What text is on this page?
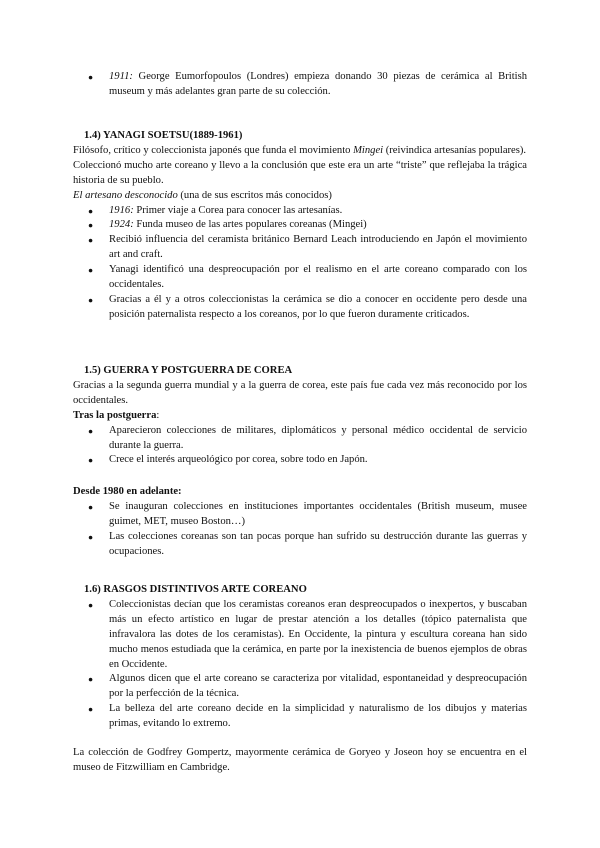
● 1911: George Eumorfopoulos (Londres) empieza donando 30 piezas de cerámica al British museum y más adelantes gran parte de su colección.
1.4) YANAGI SOETSU(1889-1961)
Filósofo, crítico y coleccionista japonés que funda el movimiento Mingei (reivindica artesanías populares).
Coleccionó mucho arte coreano y llevo a la conclusión que este era un arte “triste” que reflejaba la trágica historia de su pueblo.
El artesano desconocido (una de sus escritos más conocidos)
● 1916: Primer viaje a Corea para conocer las artesanías.
● 1924: Funda museo de las artes populares coreanas (Mingei)
● Recibió influencia del ceramista británico Bernard Leach introduciendo en Japón el movimiento art and craft.
● Yanagi identificó una despreocupación por el realismo en el arte coreano comparado con los occidentales.
● Gracias a él y a otros coleccionistas la cerámica se dio a conocer en occidente pero desde una posición paternalista respecto a los coreanos, por lo que fueron duramente criticados.
1.5) GUERRA Y POSTGUERRA DE COREA
Gracias a la segunda guerra mundial y a la guerra de corea, este país fue cada vez más reconocido por los occidentales.
Tras la postguerra:
● Aparecieron colecciones de militares, diplomáticos y personal médico occidental de servicio durante la guerra.
● Crece el interés arqueológico por corea, sobre todo en Japón.
Desde 1980 en adelante:
● Se inauguran colecciones en instituciones importantes occidentales (British museum, musee guimet, MET, museo Boston…)
● Las colecciones coreanas son tan pocas porque han sufrido su destrucción durante las guerras y ocupaciones.
1.6) RASGOS DISTINTIVOS ARTE COREANO
● Coleccionistas decían que los ceramistas coreanos eran despreocupados o inexpertos, y buscaban más un efecto artístico en lugar de prestar atención a los detalles (tópico paternalista que infravalora las dotes de los ceramistas). En Occidente, la pintura y escultura coreana han sido mucho menos estudiada que la cerámica, en parte por la inexistencia de buenos ejemplos de obras en Occidente.
● Algunos dicen que el arte coreano se caracteriza por vitalidad, espontaneidad y despreocupación por la perfección de la técnica.
● La belleza del arte coreano decide en la simplicidad y naturalismo de los dibujos y materias primas, evitando lo extremo.
La colección de Godfrey Gompertz, mayormente cerámica de Goryeo y Joseon hoy se encuentra en el museo de Fitzwilliam en Cambridge.
